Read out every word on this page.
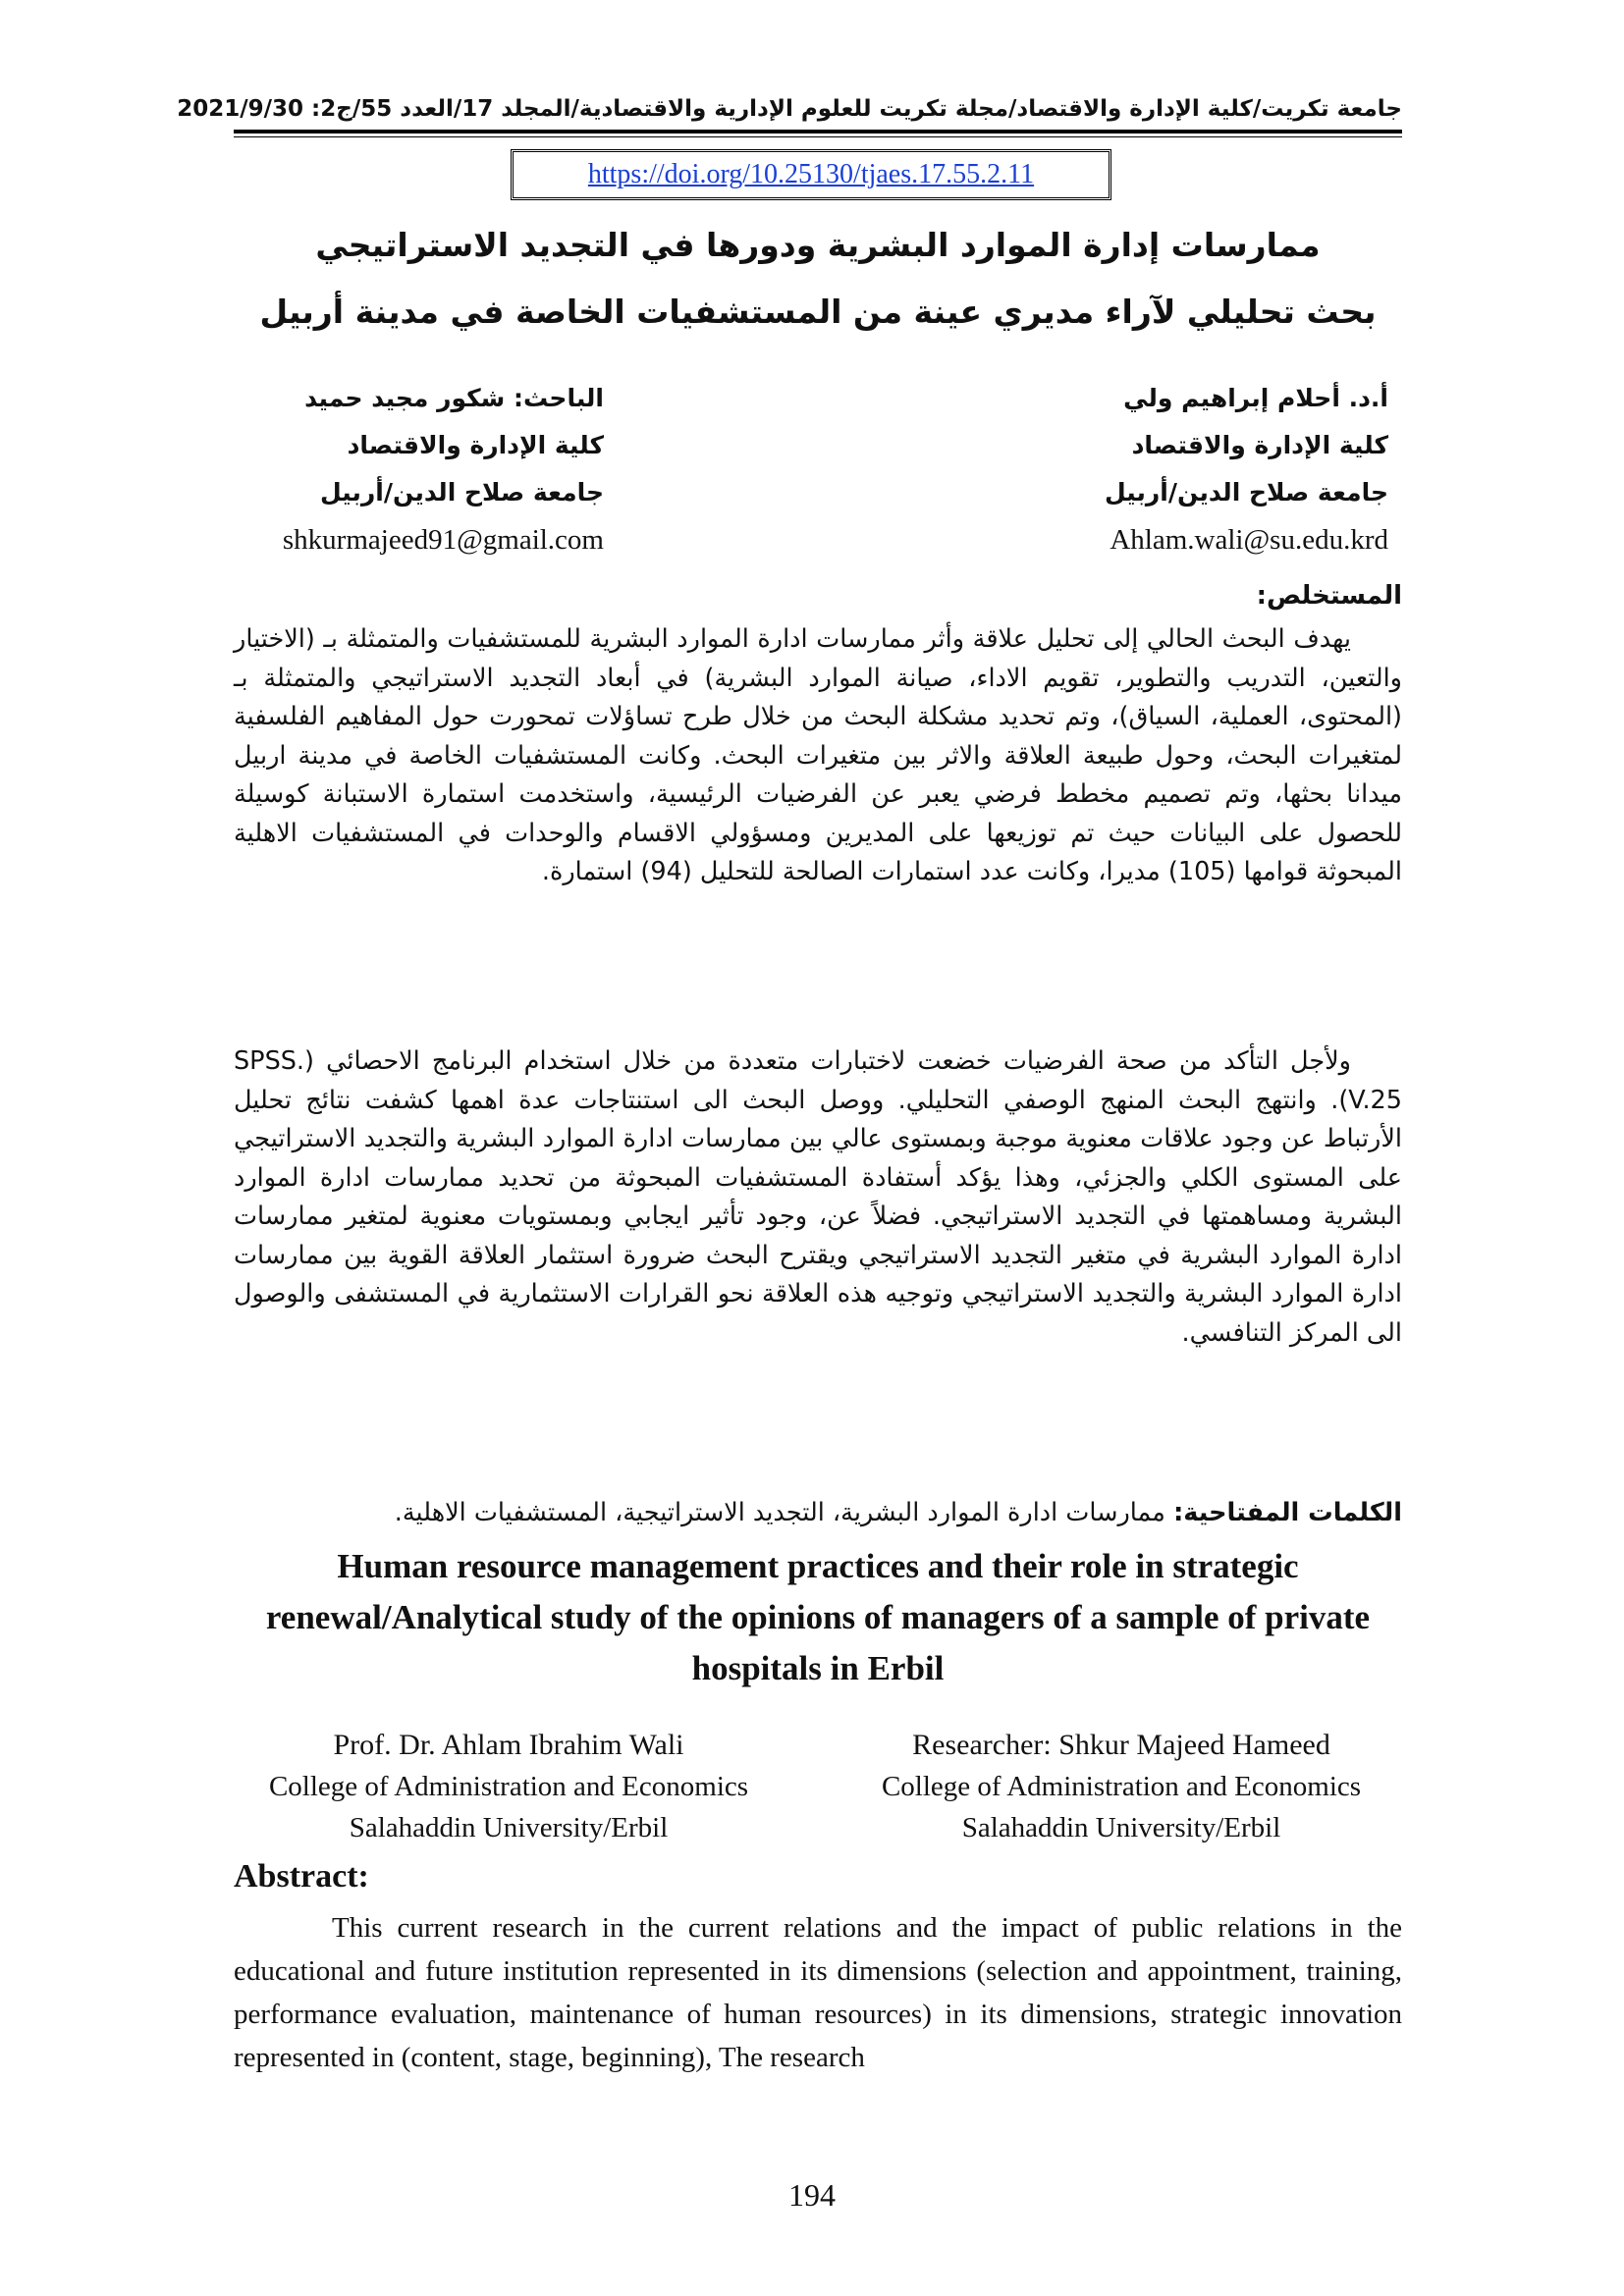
جامعة تكريت/كلية الإدارة والاقتصاد/مجلة تكريت للعلوم الإدارية والاقتصادية/المجلد 17/العدد 55/ج2: 2021/9/30
https://doi.org/10.25130/tjaes.17.55.2.11
ممارسات إدارة الموارد البشرية ودورها في التجديد الاستراتيجي
بحث تحليلي لآراء مديري عينة من المستشفيات الخاصة في مدينة أربيل
أ.د. أحلام إبراهيم ولي
كلية الإدارة والاقتصاد
جامعة صلاح الدين/أربيل
Ahlam.wali@su.edu.krd
الباحث: شكور مجيد حميد
كلية الإدارة والاقتصاد
جامعة صلاح الدين/أربيل
shkurmajeed91@gmail.com
المستخلص:
يهدف البحث الحالي إلى تحليل علاقة وأثر ممارسات ادارة الموارد البشرية للمستشفيات والمتمثلة بـ (الاختيار والتعين، التدريب والتطوير، تقويم الاداء، صيانة الموارد البشرية) في أبعاد التجديد الاستراتيجي والمتمثلة بـ (المحتوى، العملية، السياق)، وتم تحديد مشكلة البحث من خلال طرح تساؤلات تمحورت حول المفاهيم الفلسفية لمتغيرات البحث، وحول طبيعة العلاقة والاثر بين متغيرات البحث. وكانت المستشفيات الخاصة في مدينة اربيل ميدانا بحثها، وتم تصميم مخطط فرضي يعبر عن الفرضيات الرئيسية، واستخدمت استمارة الاستبانة كوسيلة للحصول على البيانات حيث تم توزيعها على المديرين ومسؤولي الاقسام والوحدات في المستشفيات الاهلية المبحوثة قوامها (105) مديرا، وكانت عدد استمارات الصالحة للتحليل (94) استمارة.
ولأجل التأكد من صحة الفرضيات خضعت لاختبارات متعددة من خلال استخدام البرنامج الاحصائي (SPSS. V.25). وانتهج البحث المنهج الوصفي التحليلي. ووصل البحث الى استنتاجات عدة اهمها كشفت نتائج تحليل الأرتباط عن وجود علاقات معنوية موجبة وبمستوى عالي بين ممارسات ادارة الموارد البشرية والتجديد الاستراتيجي على المستوى الكلي والجزئي، وهذا يؤكد أستفادة المستشفيات المبحوثة من تحديد ممارسات ادارة الموارد البشرية ومساهمتها في التجديد الاستراتيجي. فضلاً عن، وجود تأثير ايجابي وبمستويات معنوية لمتغير ممارسات ادارة الموارد البشرية في متغير التجديد الاستراتيجي ويقترح البحث ضرورة استثمار العلاقة القوية بين ممارسات ادارة الموارد البشرية والتجديد الاستراتيجي وتوجيه هذه العلاقة نحو القرارات الاستثمارية في المستشفى والوصول الى المركز التنافسي.
الكلمات المفتاحية: ممارسات ادارة الموارد البشرية، التجديد الاستراتيجية، المستشفيات الاهلية.
Human resource management practices and their role in strategic renewal/Analytical study of the opinions of managers of a sample of private hospitals in Erbil
Prof. Dr. Ahlam Ibrahim Wali
College of Administration and Economics
Salahaddin University/Erbil
Researcher: Shkur Majeed Hameed
College of Administration and Economics
Salahaddin University/Erbil
Abstract:
This current research in the current relations and the impact of public relations in the educational and future institution represented in its dimensions (selection and appointment, training, performance evaluation, maintenance of human resources) in its dimensions, strategic innovation represented in (content, stage, beginning), The research
194
